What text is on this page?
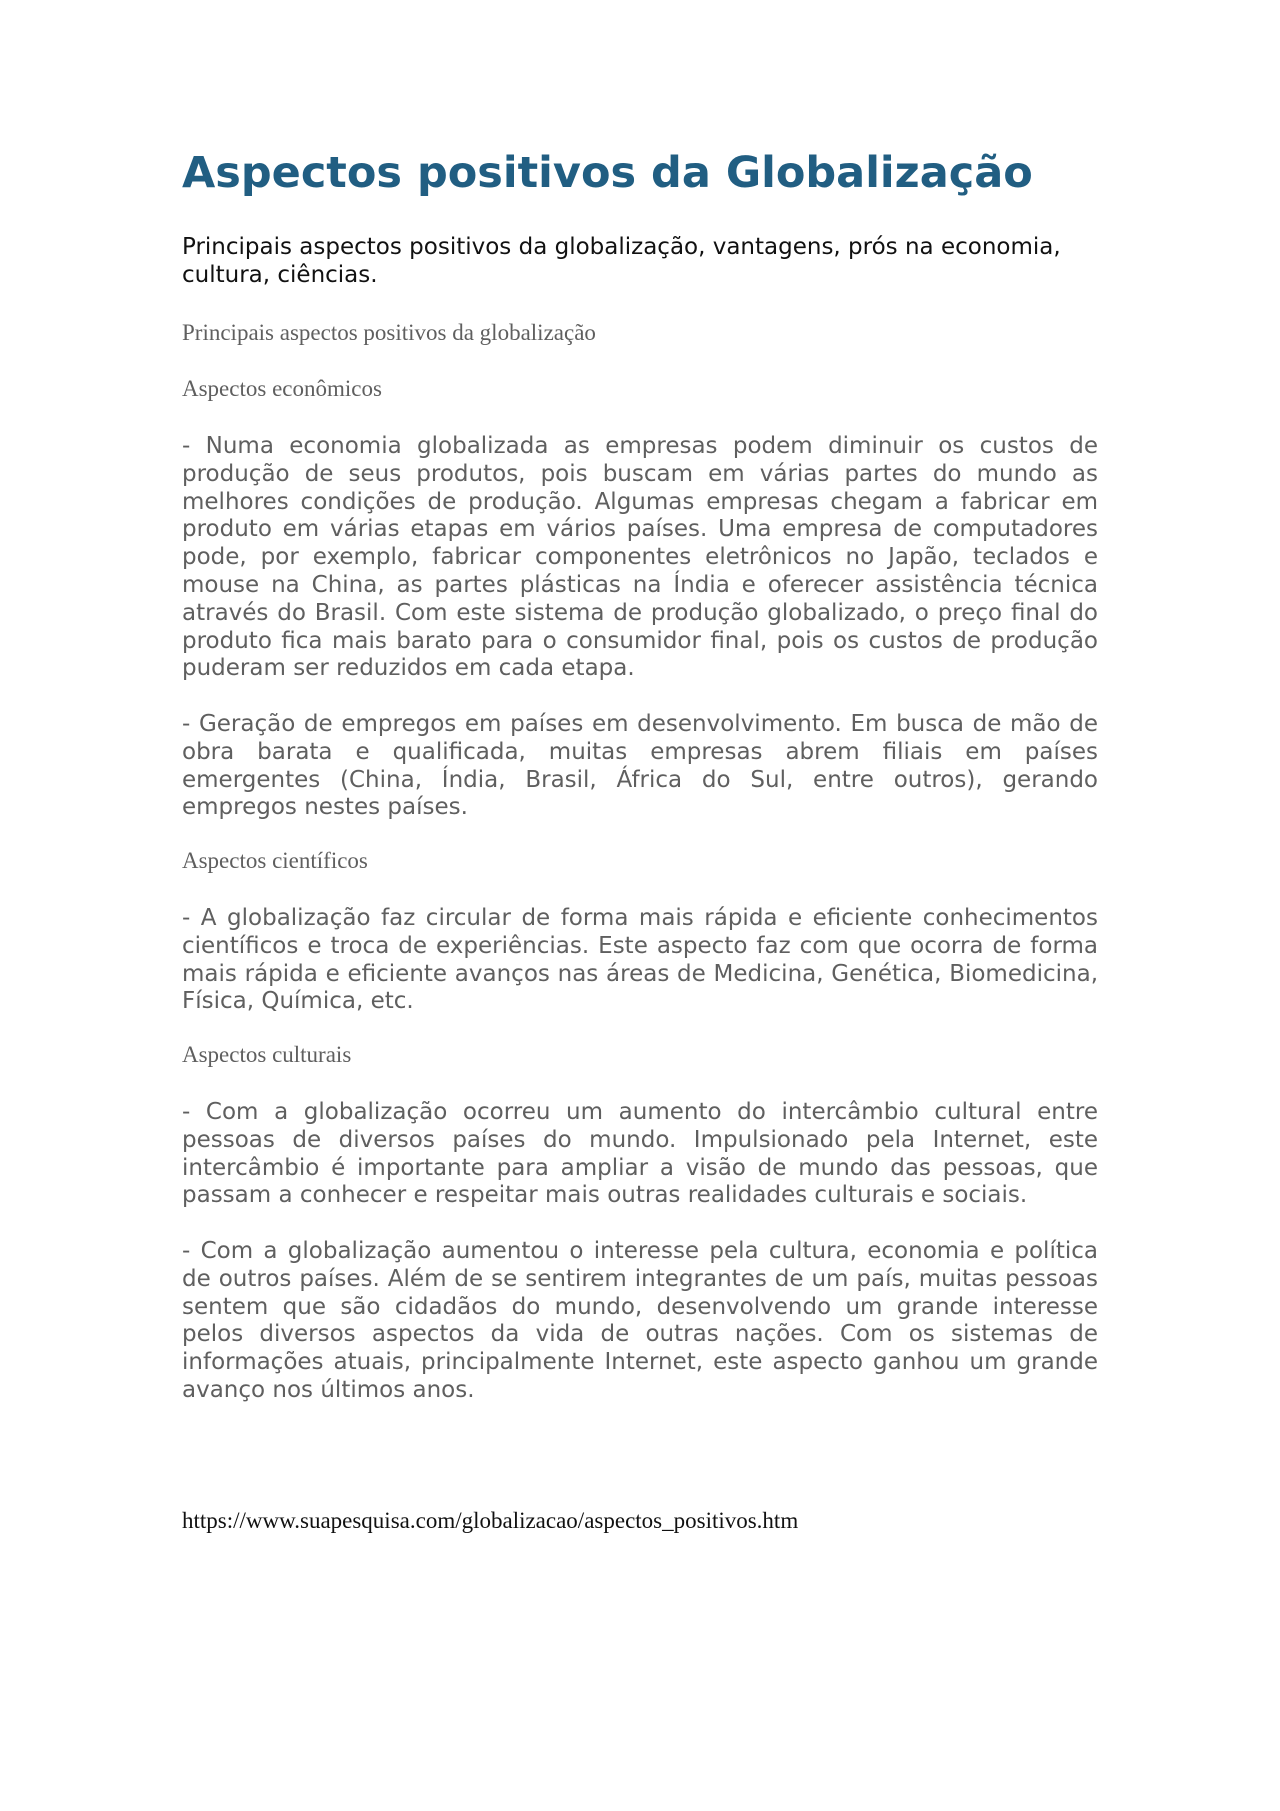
Aspectos positivos da Globalização

Principais aspectos positivos da globalização, vantagens, prós na economia, cultura, ciências.

Principais aspectos positivos da globalização

Aspectos econômicos

- Numa economia globalizada as empresas podem diminuir os custos de produção de seus produtos, pois buscam em várias partes do mundo as melhores condições de produção. Algumas empresas chegam a fabricar em produto em várias etapas em vários países. Uma empresa de computadores pode, por exemplo, fabricar componentes eletrônicos no Japão, teclados e mouse na China, as partes plásticas na Índia e oferecer assistência técnica através do Brasil. Com este sistema de produção globalizado, o preço final do produto fica mais barato para o consumidor final, pois os custos de produção puderam ser reduzidos em cada etapa.

- Geração de empregos em países em desenvolvimento. Em busca de mão de obra barata e qualificada, muitas empresas abrem filiais em países emergentes (China, Índia, Brasil, África do Sul, entre outros), gerando empregos nestes países.

Aspectos científicos

- A globalização faz circular de forma mais rápida e eficiente conhecimentos científicos e troca de experiências. Este aspecto faz com que ocorra de forma mais rápida e eficiente avanços nas áreas de Medicina, Genética, Biomedicina, Física, Química, etc.

Aspectos culturais

- Com a globalização ocorreu um aumento do intercâmbio cultural entre pessoas de diversos países do mundo. Impulsionado pela Internet, este intercâmbio é importante para ampliar a visão de mundo das pessoas, que passam a conhecer e respeitar mais outras realidades culturais e sociais.

- Com a globalização aumentou o interesse pela cultura, economia e política de outros países. Além de se sentirem integrantes de um país, muitas pessoas sentem que são cidadãos do mundo, desenvolvendo um grande interesse pelos diversos aspectos da vida de outras nações. Com os sistemas de informações atuais, principalmente Internet, este aspecto ganhou um grande avanço nos últimos anos.

https://www.suapesquisa.com/globalizacao/aspectos_positivos.htm
